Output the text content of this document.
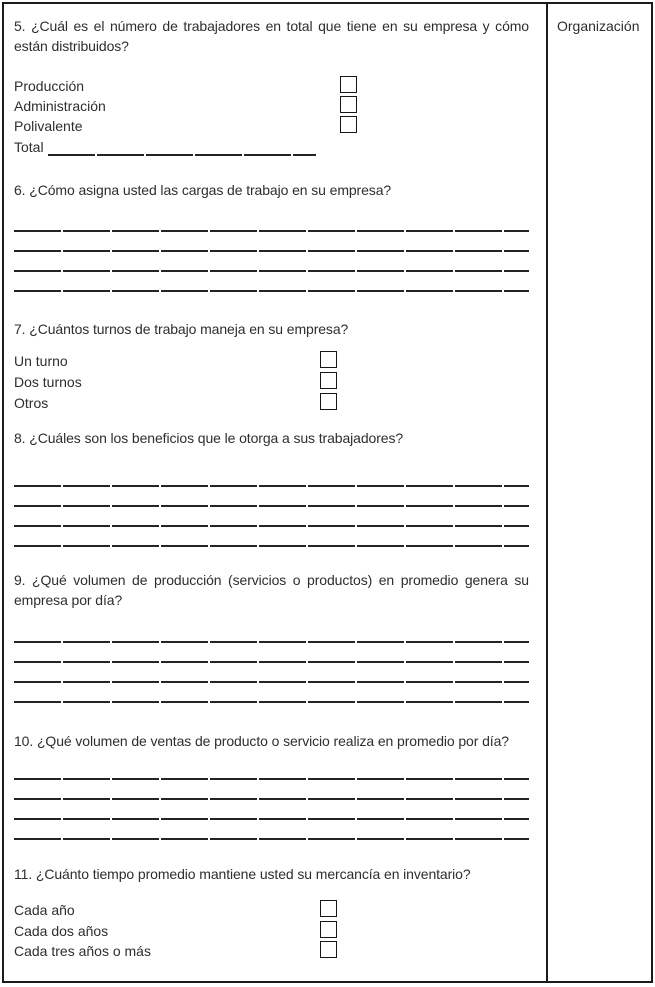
5. ¿Cuál es el número de trabajadores en total que tiene en su empresa y cómo están distribuidos?

Producción
Administración
Polivalente
Total

6. ¿Cómo asigna usted las cargas de trabajo en su empresa?

7. ¿Cuántos turnos de trabajo maneja en su empresa?

Un turno
Dos turnos
Otros

8. ¿Cuáles son los beneficios que le otorga a sus trabajadores?

9. ¿Qué volumen de producción (servicios o productos) en promedio genera su empresa por día?

10. ¿Qué volumen de ventas de producto o servicio realiza en promedio por día?

11. ¿Cuánto tiempo promedio mantiene usted su mercancía en inventario?

Cada año
Cada dos años
Cada tres años o más
Organización
